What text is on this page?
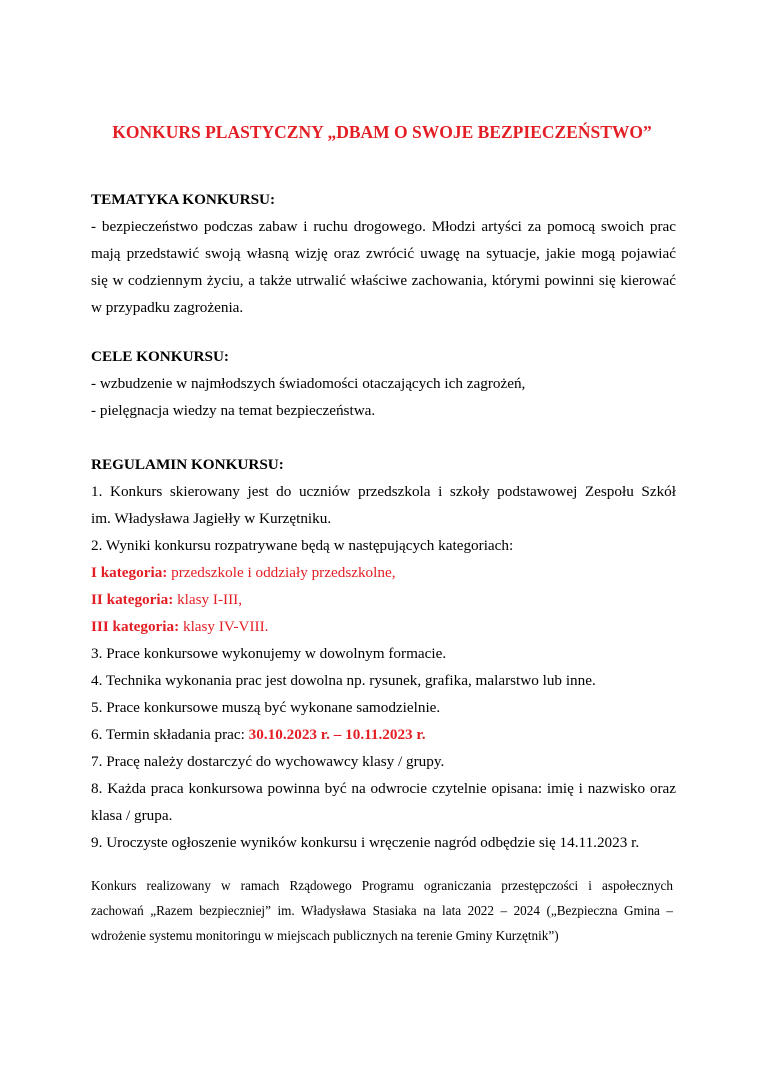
KONKURS PLASTYCZNY „DBAM O SWOJE BEZPIECZEŃSTWO”
TEMATYKA KONKURSU:
- bezpieczeństwo podczas zabaw i ruchu drogowego. Młodzi artyści za pomocą swoich prac
mają przedstawić swoją własną wizję oraz zwrócić uwagę na sytuacje, jakie mogą pojawiać
się w codziennym życiu, a także utrwalić właściwe zachowania, którymi powinni się kierować
w przypadku zagrożenia.
CELE KONKURSU:
- wzbudzenie w najmłodszych świadomości otaczających ich zagrożeń,
- pielęgnacja wiedzy na temat bezpieczeństwa.
REGULAMIN KONKURSU:
1. Konkurs skierowany jest do uczniów przedszkola i szkoły podstawowej Zespołu Szkół
im. Władysława Jagiełły w Kurzętniku.
2. Wyniki konkursu rozpatrywane będą w następujących kategoriach:
I kategoria: przedszkole i oddziały przedszkolne,
II kategoria: klasy I-III,
III kategoria: klasy IV-VIII.
3. Prace konkursowe wykonujemy w dowolnym formacie.
4. Technika wykonania prac jest dowolna np. rysunek, grafika, malarstwo lub inne.
5. Prace konkursowe muszą być wykonane samodzielnie.
6. Termin składania prac: 30.10.2023 r. – 10.11.2023 r.
7. Pracę należy dostarczyć do wychowawcy klasy / grupy.
8. Każda praca konkursowa powinna być na odwrocie czytelnie opisana: imię i nazwisko oraz
klasa / grupa.
9. Uroczyste ogłoszenie wyników konkursu i wręczenie nagród odbędzie się 14.11.2023 r.
Konkurs realizowany w ramach Rządowego Programu ograniczania przestępczości i aspołecznych
zachowań „Razem bezpieczniej” im. Władysława Stasiaka na lata 2022 – 2024 („Bezpieczna Gmina –
wdrożenie systemu monitoringu w miejscach publicznych na terenie Gminy Kurzętnik”)
